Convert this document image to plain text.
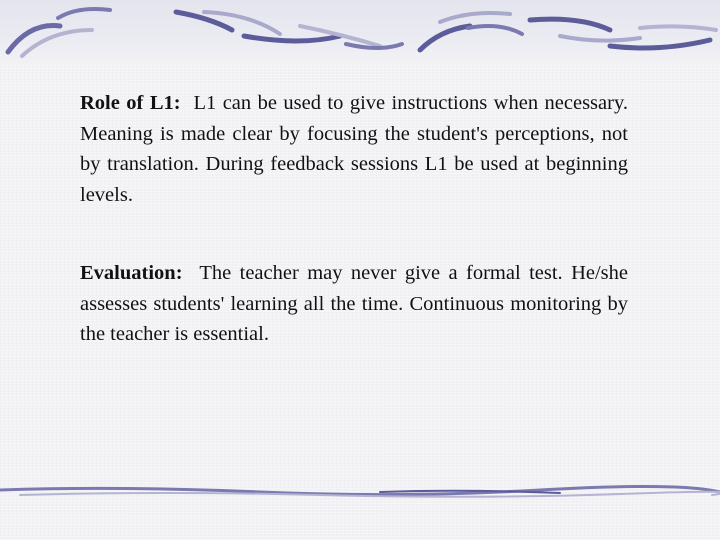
Role of L1: L1 can be used to give instructions when necessary. Meaning is made clear by focusing the student's perceptions, not by translation. During feedback sessions L1 be used at beginning levels.

Evaluation: The teacher may never give a formal test. He/she assesses students' learning all the time. Continuous monitoring by the teacher is essential.
